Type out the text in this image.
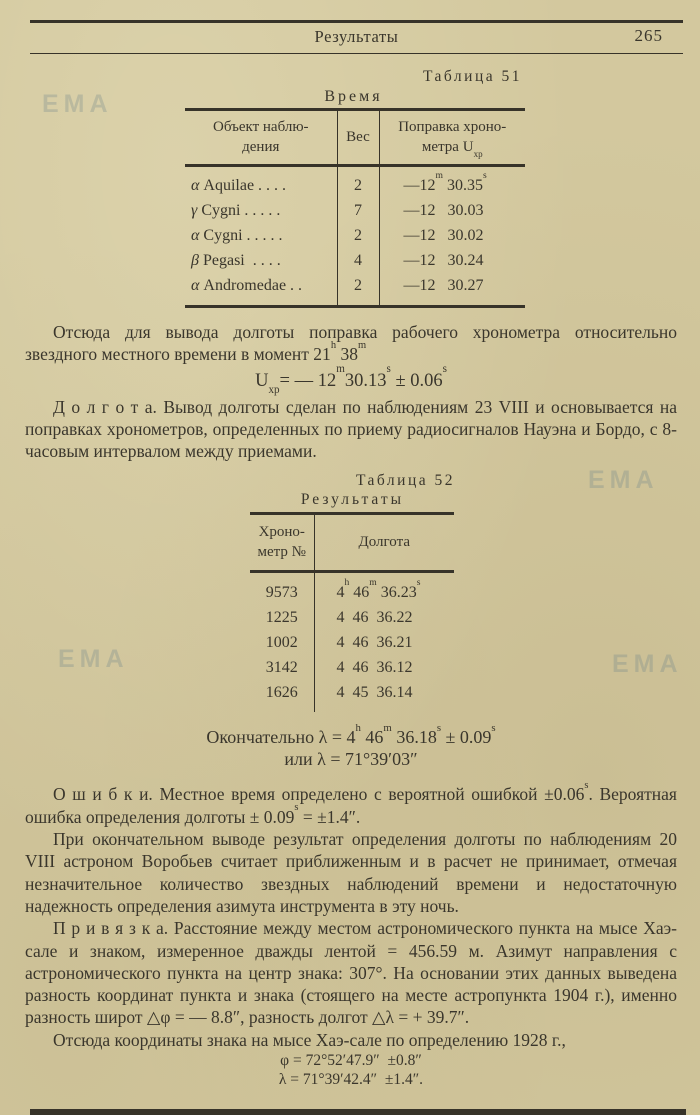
ЕМА
ЕМА
ЕМА	ЕМА
Результаты	265
Таблица 51
Время
Объект наблю-
дения	Вес	Поправка хроно-
метра $U_{хр}$
α Aquilae . . . .	2	—12$^m$ 30.35$^s$
γ Cygni . . . . .	7	—12   30.03
α Cygni . . . . .	2	—12   30.02
β Pegasi  . . . .	4	—12   30.24
α Andromedae . .	2	—12   30.27

Отсюда для вывода долготы поправка рабочего хронометра относительно звездного местного времени в момент 21$^h$ 38$^m$

$U_{хр}=$ — $12^m30.13^s \pm 0.06^s$

Д о л г о т а. Вывод долготы сделан по наблюдениям 23 VIII и основывается на поправках хронометров, определенных по приему радиосигналов Науэна и Бордо, с 8-часовым интервалом между приемами.

Таблица 52
Результаты
Хроно-
метр №	Долгота
9573	4$^h$ 46$^m$ 36.23$^s$
1225	4  46  36.22
1002	4  46  36.21
3142	4  46  36.12
1626	4  45  36.14
Окончательно $\lambda = 4^h$ 46$^m$ $36.18^s \pm 0.09^s$
или λ = 71°39′03″

О ш и б к и. Местное время определено с вероятной ошибкой $\pm 0.06^s$. Вероятная ошибка определения долготы ± $0.09^s = \pm 1.4''$.

При окончательном выводе результат определения долготы по наблюдениям 20 VIII астроном Воробьев считает приближенным и в расчет не принимает, отмечая незначительное количество звездных наблюдений времени и недостаточную надежность определения азимута инструмента в эту ночь.

П р и в я з к а. Расстояние между местом астрономического пункта на мысе Хаэ-сале и знаком, измеренное дважды лентой = 456.59 м. Азимут направления с астрономического пункта на центр знака: 307°. На основании этих данных выведена разность координат пункта и знака (стоящего на месте астропункта 1904 г.), именно разность широт △φ = — 8.8″, разность долгот △λ = + 39.7″.

Отсюда координаты знака на мысе Хаэ-сале по определению 1928 г.,

φ = 72°52′47.9″  ±0.8″
λ = 71°39′42.4″  ±1.4″.
